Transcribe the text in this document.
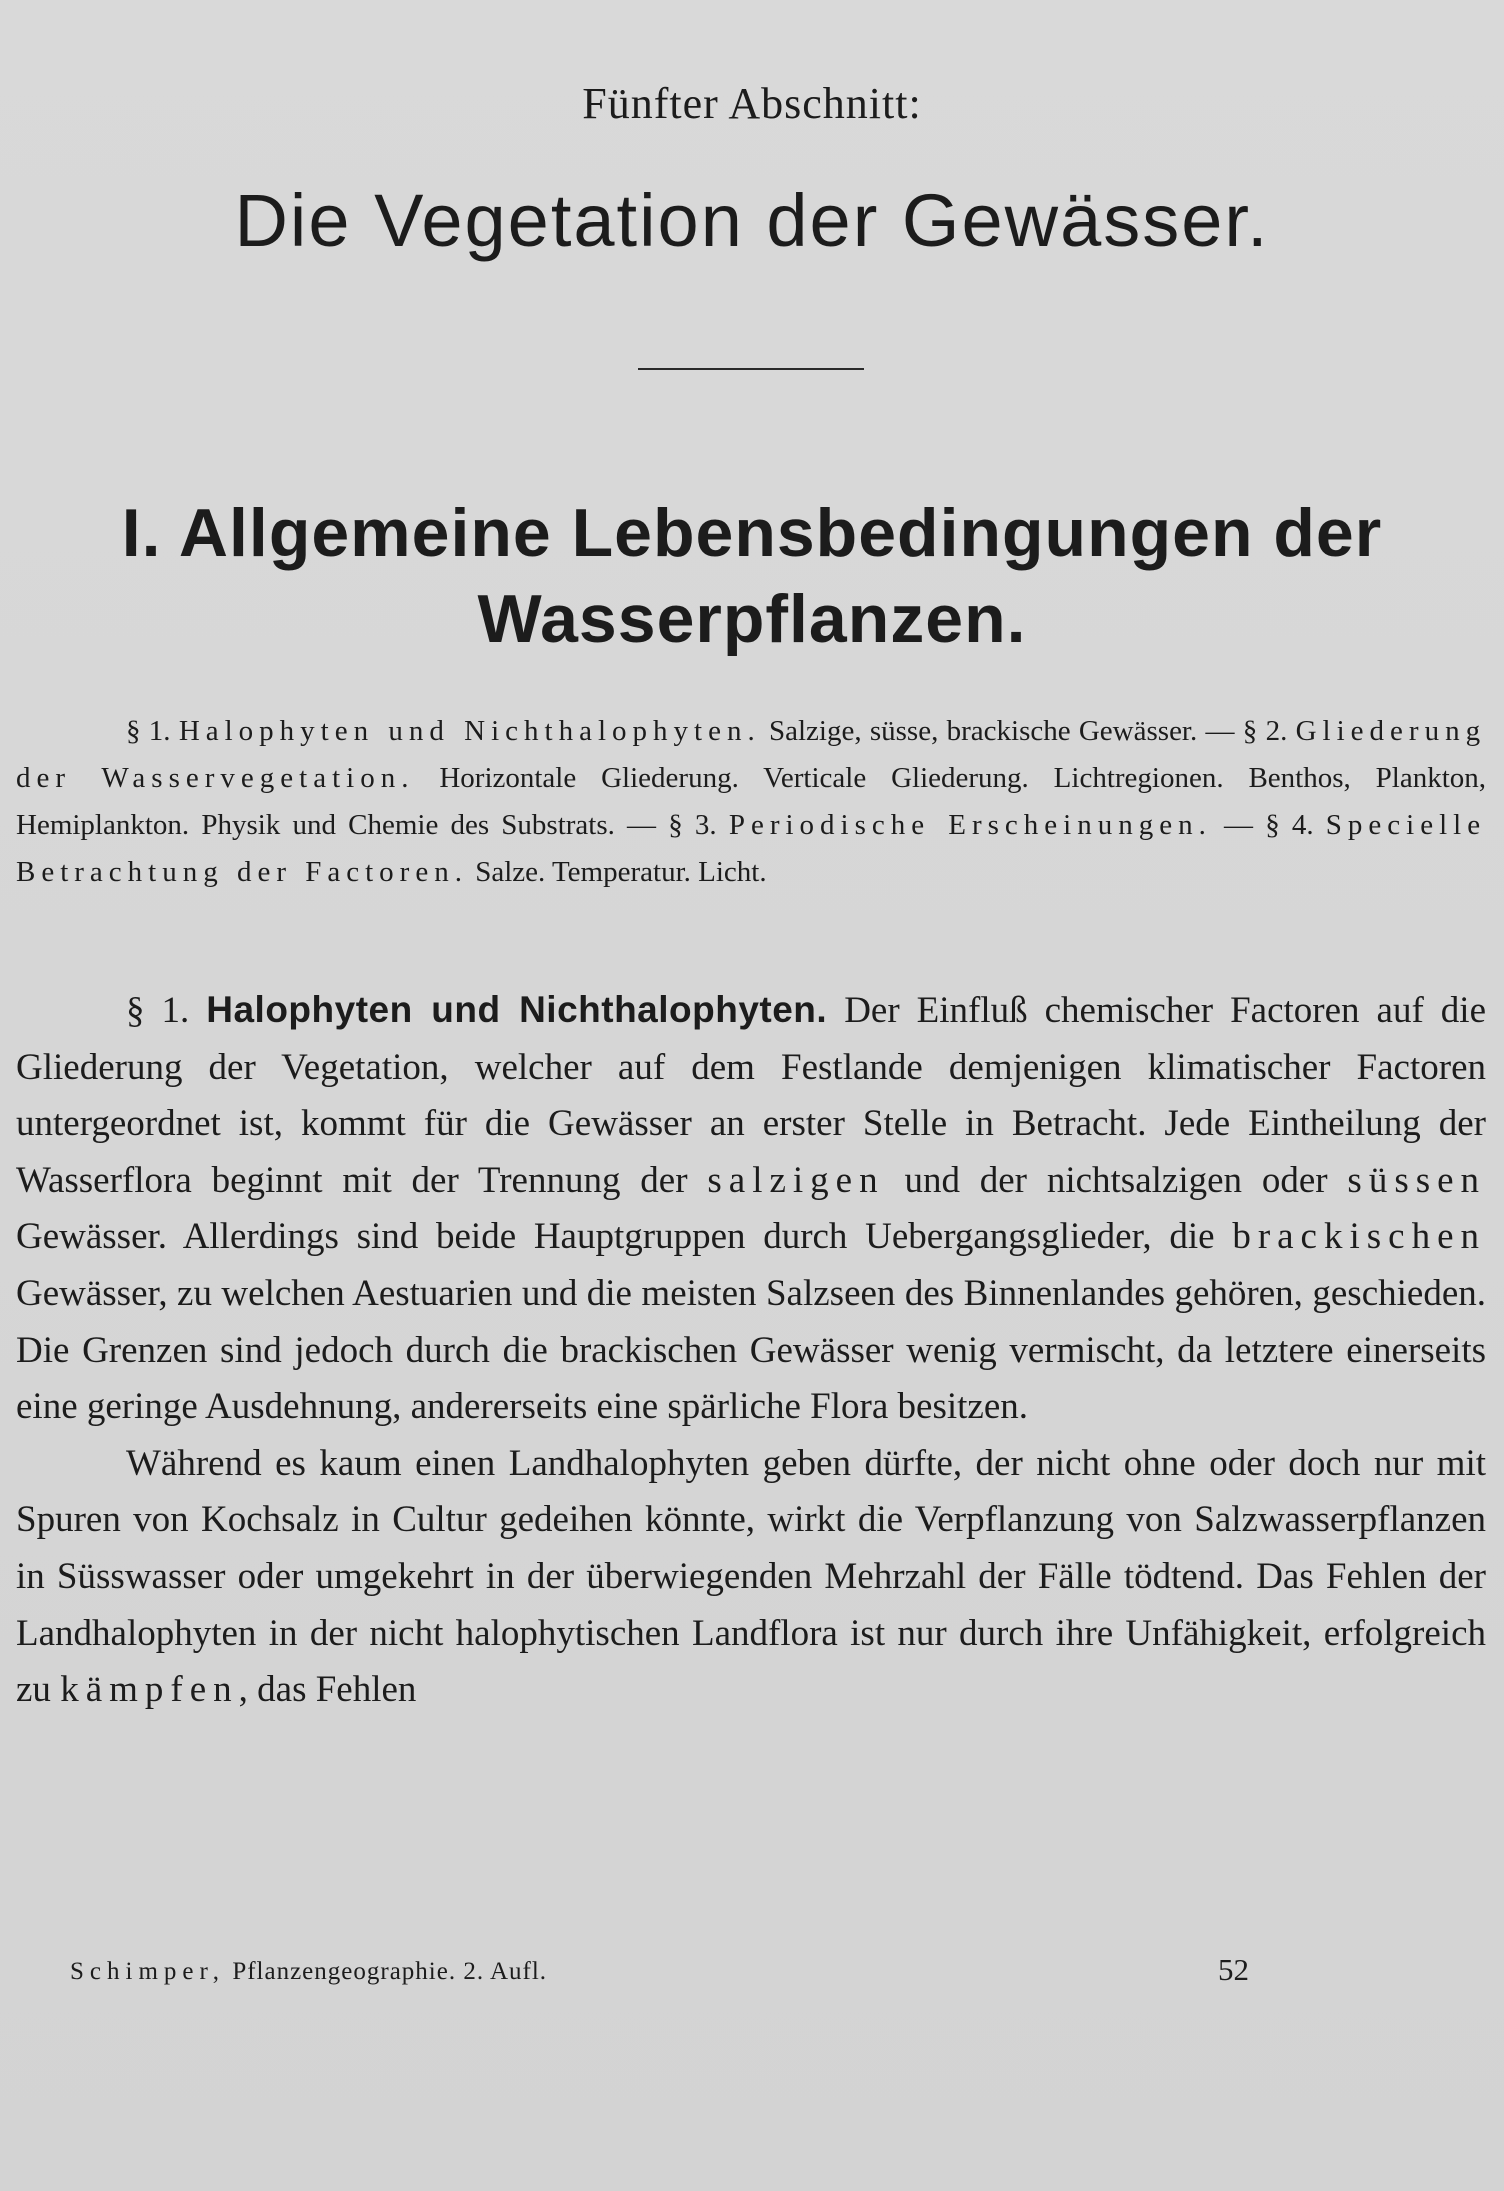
Fünfter Abschnitt:
Die Vegetation der Gewässer.
I. Allgemeine Lebensbedingungen der
Wasserpflanzen.
§ 1. Halophyten und Nichthalophyten. Salzige, süsse, brackische Gewässer. — § 2. Gliederung der Wasservegetation. Horizontale Gliederung. Verticale Gliederung. Lichtregionen. Benthos, Plankton, Hemiplankton. Physik und Chemie des Substrats. — § 3. Periodische Erscheinungen. — § 4. Specielle Betrachtung der Factoren. Salze. Temperatur. Licht.

§ 1. Halophyten und Nichthalophyten. Der Einfluß chemischer Factoren auf die Gliederung der Vegetation, welcher auf dem Festlande demjenigen klimatischer Factoren untergeordnet ist, kommt für die Gewässer an erster Stelle in Betracht. Jede Eintheilung der Wasserflora beginnt mit der Trennung der salzigen und der nichtsalzigen oder süssen Gewässer. Allerdings sind beide Hauptgruppen durch Uebergangsglieder, die brackischen Gewässer, zu welchen Aestuarien und die meisten Salzseen des Binnenlandes gehören, geschieden. Die Grenzen sind jedoch durch die brackischen Gewässer wenig vermischt, da letztere einerseits eine geringe Ausdehnung, andererseits eine spärliche Flora besitzen.

Während es kaum einen Landhalophyten geben dürfte, der nicht ohne oder doch nur mit Spuren von Kochsalz in Cultur gedeihen könnte, wirkt die Verpflanzung von Salzwasserpflanzen in Süsswasser oder umgekehrt in der überwiegenden Mehrzahl der Fälle tödtend. Das Fehlen der Landhalophyten in der nicht halophytischen Landflora ist nur durch ihre Unfähigkeit, erfolgreich zu kämpfen, das Fehlen

Schimper, Pflanzengeographie. 2. Aufl.	52
